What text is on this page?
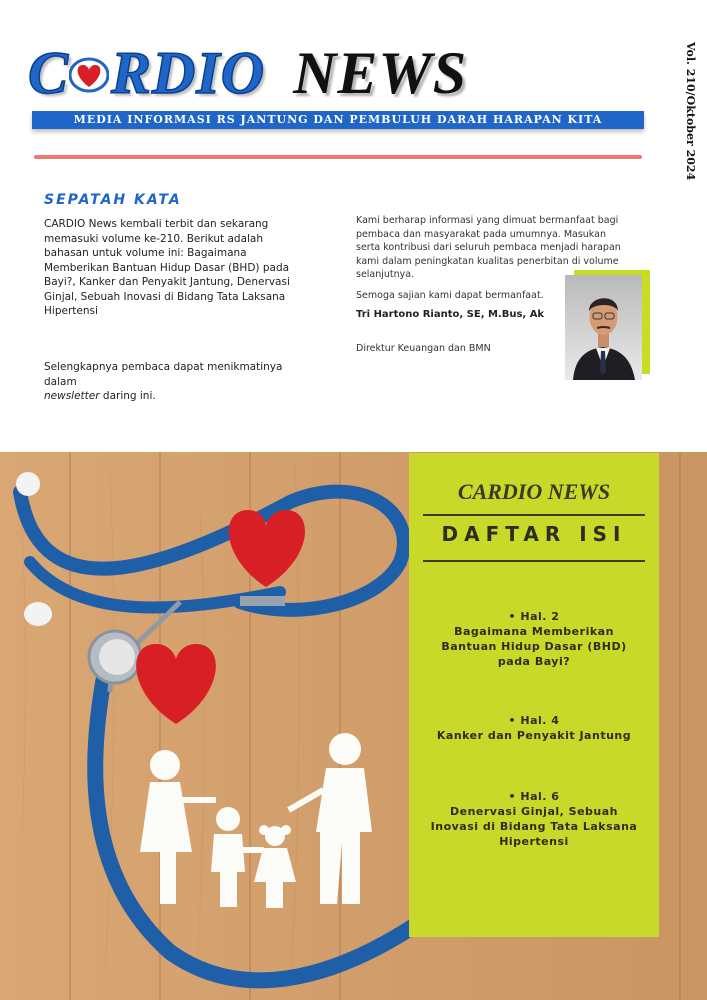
C RDIO NEWS
MEDIA INFORMASI RS JANTUNG DAN PEMBULUH DARAH HARAPAN KITA	Vol. 210/Oktober 2024
SEPATAH KATA
CARDIO News kembali terbit dan sekarang memasuki volume ke-210. Berikut adalah bahasan untuk volume ini: Bagaimana Memberikan Bantuan Hidup Dasar (BHD) pada Bayi?, Kanker dan Penyakit Jantung, Denervasi Ginjal, Sebuah Inovasi di Bidang Tata Laksana Hipertensi
Selengkapnya pembaca dapat menikmatinya dalam
newsletter daring ini.
Kami berharap informasi yang dimuat bermanfaat bagi pembaca dan masyarakat pada umumnya. Masukan serta kontribusi dari seluruh pembaca menjadi harapan kami dalam peningkatan kualitas penerbitan di volume selanjutnya.
Semoga sajian kami dapat bermanfaat.
Tri Hartono Rianto, SE, M.Bus, Ak
Direktur Keuangan dan BMN
CARDIO NEWS
DAFTAR ISI
• Hal. 2
Bagaimana Memberikan Bantuan Hidup Dasar (BHD) pada Bayi?
• Hal. 4
Kanker dan Penyakit Jantung
• Hal. 6
Denervasi Ginjal, Sebuah Inovasi di Bidang Tata Laksana Hipertensi
